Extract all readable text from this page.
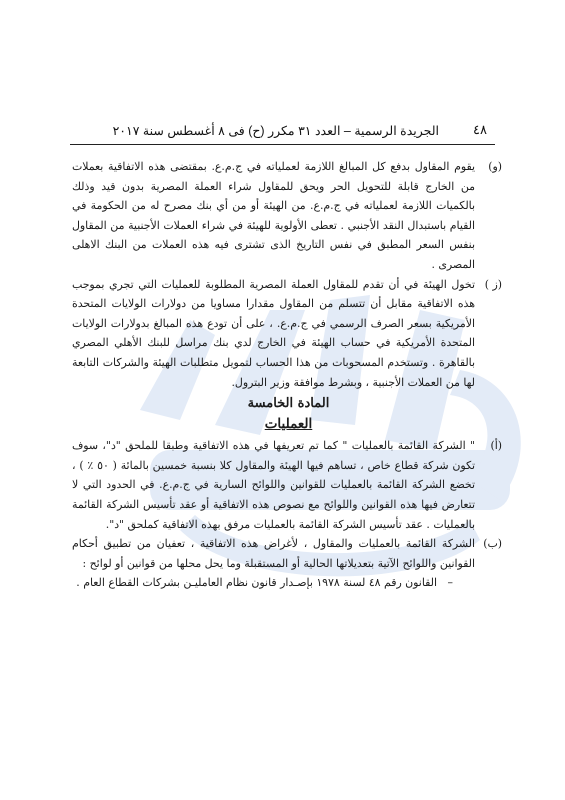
٤٨
الجريدة الرسمية – العدد ٣١ مكرر (ح) فى ٨ أغسطس سنة ٢٠١٧
(و)

يقوم المقاول بدفع كل المبالغ اللازمة لعملياته في ج.م.ع. بمقتضى هذه الاتفاقية بعملات من الخارج قابلة للتحويل الحر ويحق للمقاول شراء العملة المصرية بدون قيد وذلك بالكميات اللازمة لعملياته في ج.م.ع. من الهيئة أو من أي بنك مصرح له من الحكومة في القيام باستبدال النقد الأجنبي . تعطى الأولوية للهيئة في شراء العملات الأجنبية من المقاول بنفس السعر المطبق في نفس التاريخ الذى تشترى فيه هذه العملات من البنك الاهلى المصرى .

(ز )

تخول الهيئة في أن تقدم للمقاول العملة المصرية المطلوبة للعمليات التي تجري بموجب هذه الاتفاقية مقابل أن تتسلم من المقاول مقدارا مساويا من دولارات الولايات المتحدة الأمريكية بسعر الصرف الرسمي في ج.م.ع. ، على أن تودع هذه المبالغ بدولارات الولايات المتحدة الأمريكية في حساب الهيئة في الخارج لدي بنك مراسل للبنك الأهلي المصري بالقاهرة . وتستخدم المسحوبات من هذا الحساب لتمويل متطلبات الهيئة والشركات التابعة لها من العملات الأجنبية ، وبشرط موافقة وزير البترول.

المادة الخامسة

العمليات

(أ)

" الشركة القائمة بالعمليات " كما تم تعريفها في هذه الاتفاقية وطبقا للملحق "د"، سوف تكون شركة قطاع خاص ، تساهم فيها الهيئة والمقاول كلا بنسبة خمسين بالمائة ( ٥٠ ٪ ) ، تخضع الشركة القائمة بالعمليات للقوانين واللوائح السارية في ج.م.ع. في الحدود التي لا تتعارض فيها هذه القوانين واللوائح مع نصوص هذه الاتفاقية أو عقد تأسيس الشركة القائمة بالعمليات . عقد تأسيس الشركة القائمة بالعمليات مرفق بهذه الاتفاقية كملحق "د".

(ب)

الشركة القائمة بالعمليات والمقاول ، لأغراض هذه الاتفاقية ، تعفيان من تطبيق أحكام القوانين واللوائح الآتية بتعديلاتها الحالية أو المستقبلة وما يحل محلها من قوانين أو لوائح :

–

القانون رقم ٤٨ لسنة ١٩٧٨ بإصـدار قانون نظام العامليـن بشركات القطاع العام .
